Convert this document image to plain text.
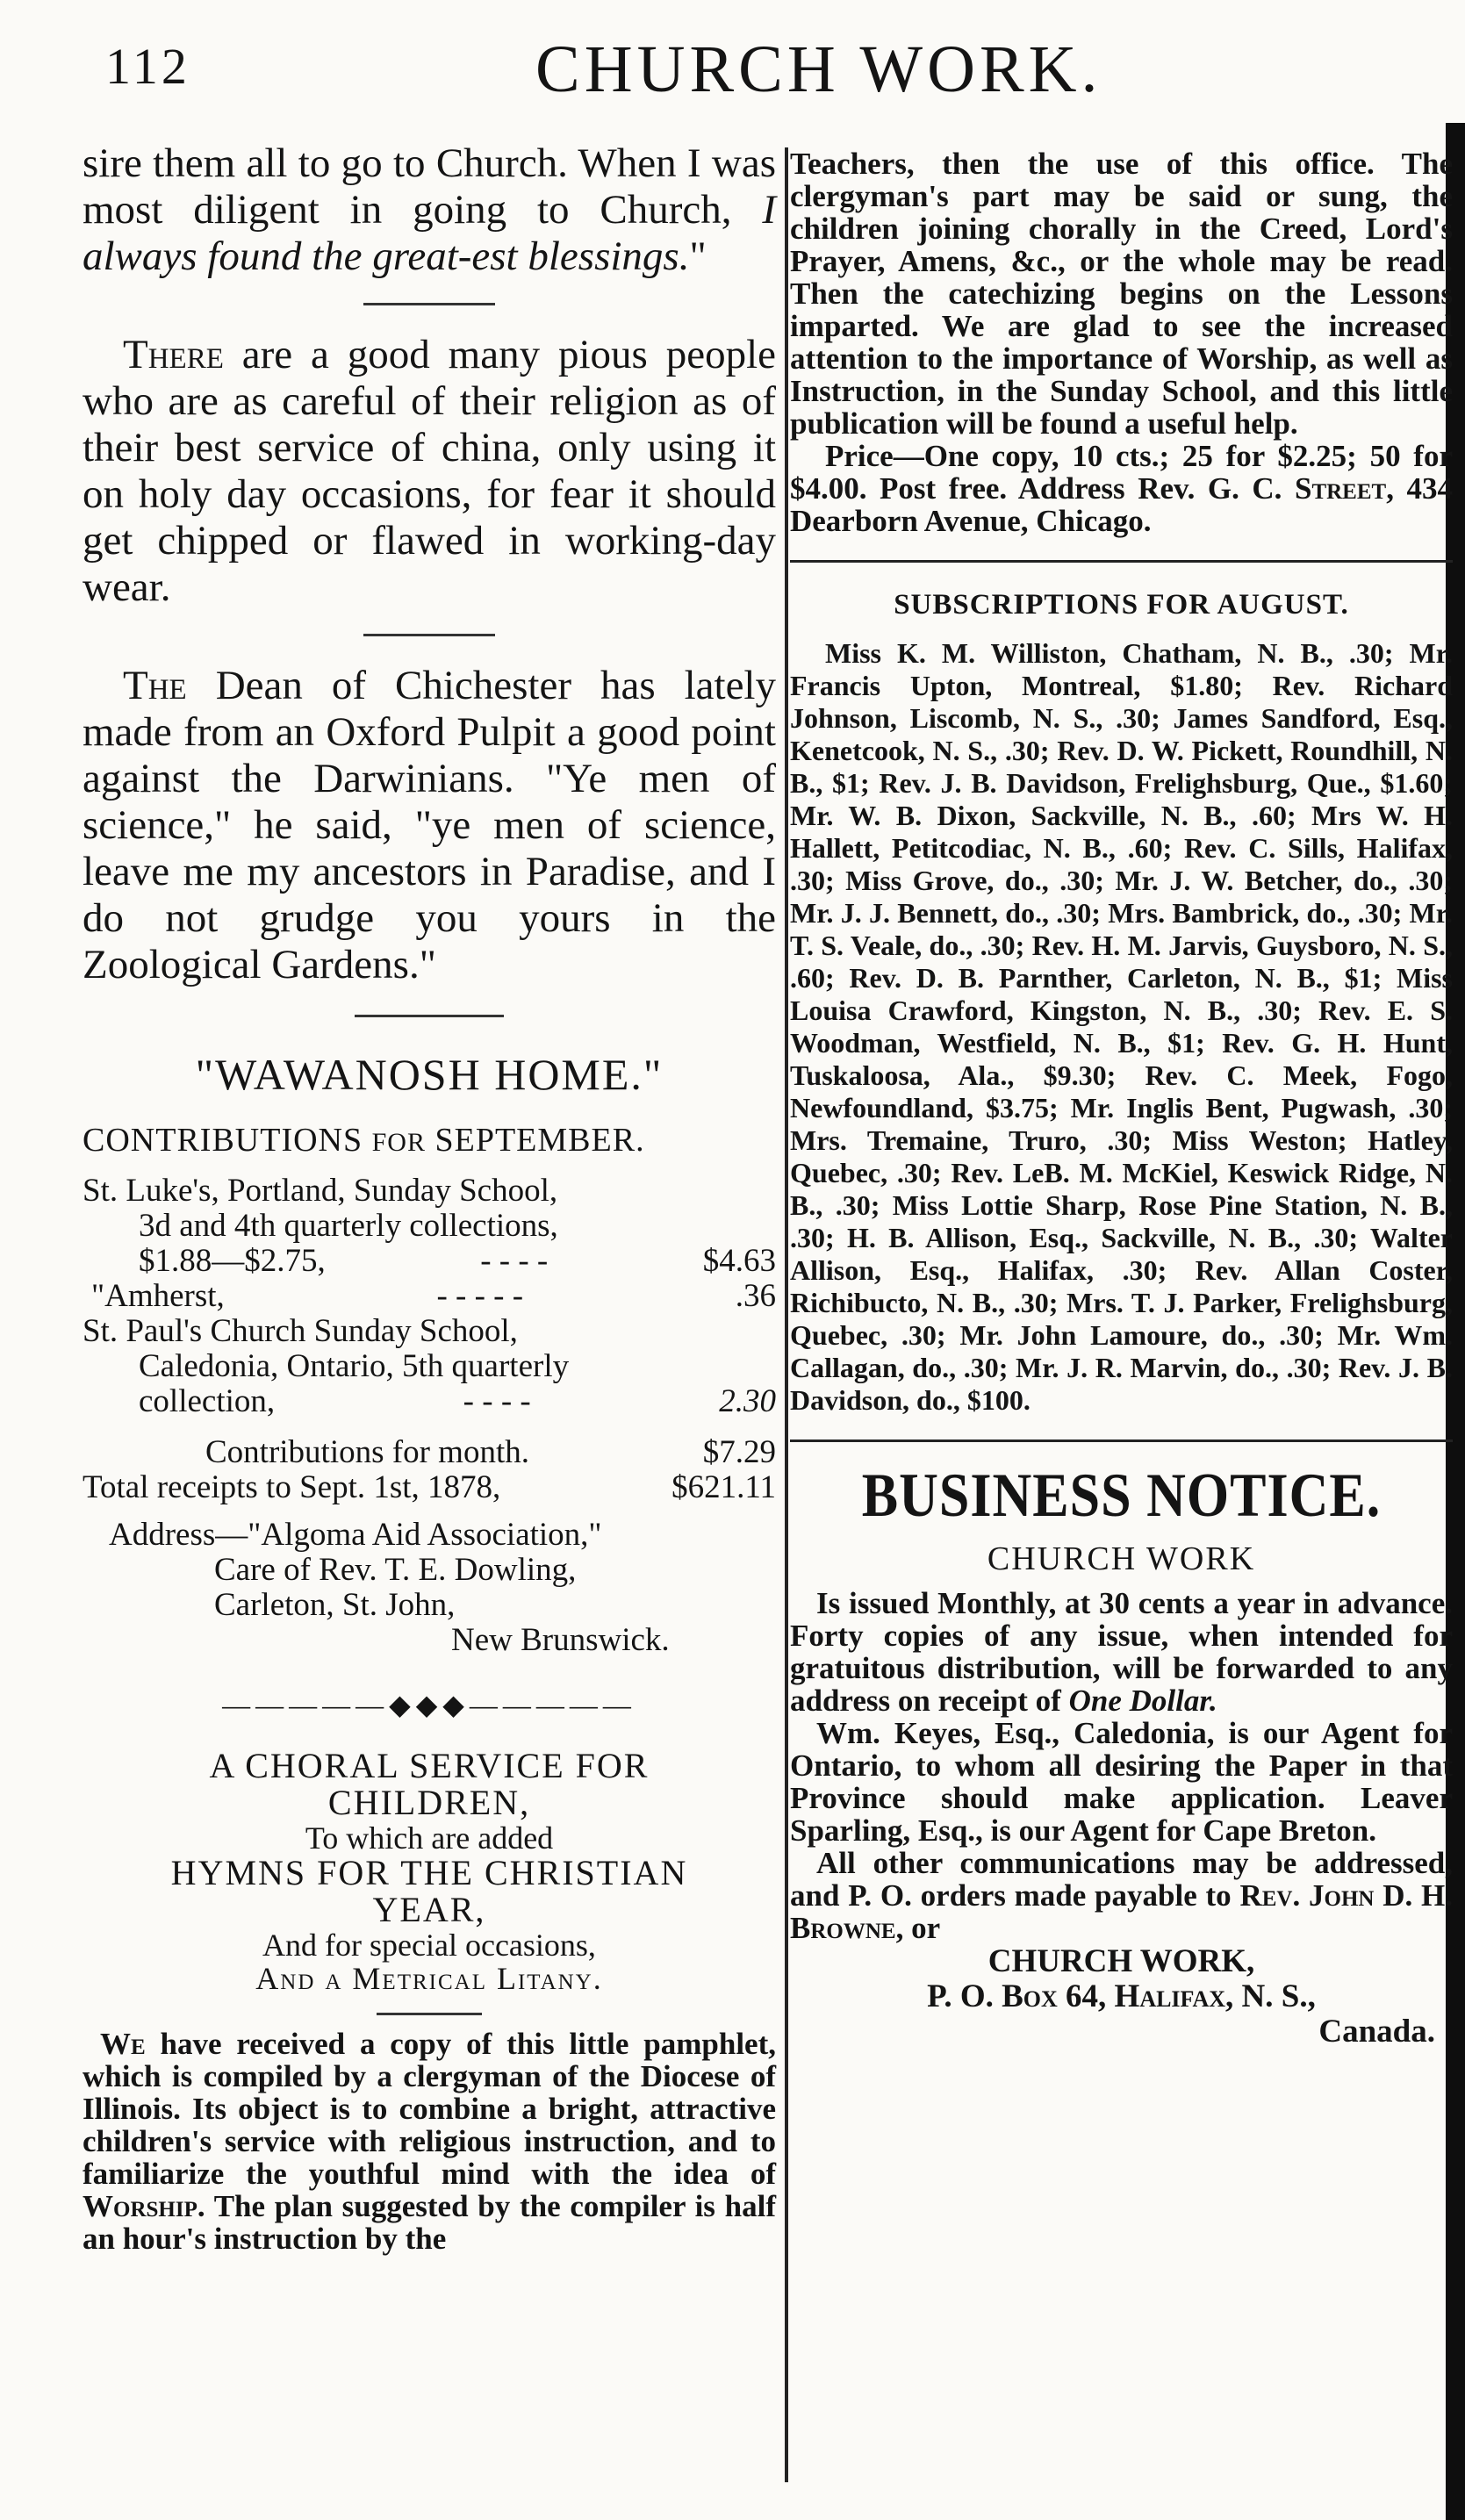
112	CHURCH WORK.

sire them all to go to Church. When I was most diligent in going to Church, I always found the great-est blessings."

There are a good many pious people who are as careful of their religion as of their best service of china, only using it on holy day occasions, for fear it should get chipped or flawed in working-day wear.

The Dean of Chichester has lately made from an Oxford Pulpit a good point against the Darwinians. "Ye men of science," he said, "ye men of science, leave me my ancestors in Paradise, and I do not grudge you yours in the Zoological Gardens."

"WAWANOSH HOME."
CONTRIBUTIONS FOR SEPTEMBER.
St. Luke's, Portland, Sunday School,
3d and 4th quarterly collections,
$1.88—$2.75,	- - - -	$4.63
"Amherst,	- - - - -	.36
St. Paul's Church Sunday School,
Caledonia, Ontario, 5th quarterly
collection,	- - - -	2.30
Contributions for month.	$7.29
Total receipts to Sept. 1st, 1878,	$621.11
Address—"Algoma Aid Association,"
Care of Rev. T. E. Dowling,
Carleton, St. John,
New Brunswick.
—————◆◆◆—————
A CHORAL SERVICE FOR
CHILDREN,
To which are added
HYMNS FOR THE CHRISTIAN
YEAR,
And for special occasions,
And a Metrical Litany.

We have received a copy of this little pamphlet, which is compiled by a clergyman of the Diocese of Illinois. Its object is to combine a bright, attractive children's service with religious instruction, and to familiarize the youthful mind with the idea of Worship. The plan suggested by the compiler is half an hour's instruction by the

Teachers, then the use of this office. The clergyman's part may be said or sung, the children joining chorally in the Creed, Lord's Prayer, Amens, &c., or the whole may be read. Then the catechizing begins on the Lessons imparted. We are glad to see the increased attention to the importance of Worship, as well as Instruction, in the Sunday School, and this little publication will be found a useful help.

Price—One copy, 10 cts.; 25 for $2.25; 50 for $4.00. Post free. Address Rev. G. C. Street, 434 Dearborn Avenue, Chicago.

SUBSCRIPTIONS FOR AUGUST.

Miss K. M. Williston, Chatham, N. B., .30; Mr. Francis Upton, Montreal, $1.80; Rev. Richard Johnson, Liscomb, N. S., .30; James Sandford, Esq., Kenetcook, N. S., .30; Rev. D. W. Pickett, Roundhill, N. B., $1; Rev. J. B. Davidson, Frelighsburg, Que., $1.60; Mr. W. B. Dixon, Sackville, N. B., .60; Mrs W. H. Hallett, Petitcodiac, N. B., .60; Rev. C. Sills, Halifax, .30; Miss Grove, do., .30; Mr. J. W. Betcher, do., .30; Mr. J. J. Bennett, do., .30; Mrs. Bambrick, do., .30; Mr. T. S. Veale, do., .30; Rev. H. M. Jarvis, Guysboro, N. S., .60; Rev. D. B. Parnther, Carleton, N. B., $1; Miss Louisa Crawford, Kingston, N. B., .30; Rev. E. S. Woodman, Westfield, N. B., $1; Rev. G. H. Hunt, Tuskaloosa, Ala., $9.30; Rev. C. Meek, Fogo, Newfoundland, $3.75; Mr. Inglis Bent, Pugwash, .30; Mrs. Tremaine, Truro, .30; Miss Weston; Hatley, Quebec, .30; Rev. LeB. M. McKiel, Keswick Ridge, N. B., .30; Miss Lottie Sharp, Rose Pine Station, N. B., .30; H. B. Allison, Esq., Sackville, N. B., .30; Walter Allison, Esq., Halifax, .30; Rev. Allan Coster, Richibucto, N. B., .30; Mrs. T. J. Parker, Frelighsburg, Quebec, .30; Mr. John Lamoure, do., .30; Mr. Wm. Callagan, do., .30; Mr. J. R. Marvin, do., .30; Rev. J. B. Davidson, do., $100.

BUSINESS NOTICE.
CHURCH WORK

Is issued Monthly, at 30 cents a year in advance. Forty copies of any issue, when intended for gratuitous distribution, will be forwarded to any address on receipt of One Dollar.

Wm. Keyes, Esq., Caledonia, is our Agent for Ontario, to whom all desiring the Paper in that Province should make application. Leaver Sparling, Esq., is our Agent for Cape Breton.

All other communications may be addressed, and P. O. orders made payable to Rev. John D. H. Browne, or

CHURCH WORK,
P. O. Box 64, Halifax, N. S.,
Canada.
